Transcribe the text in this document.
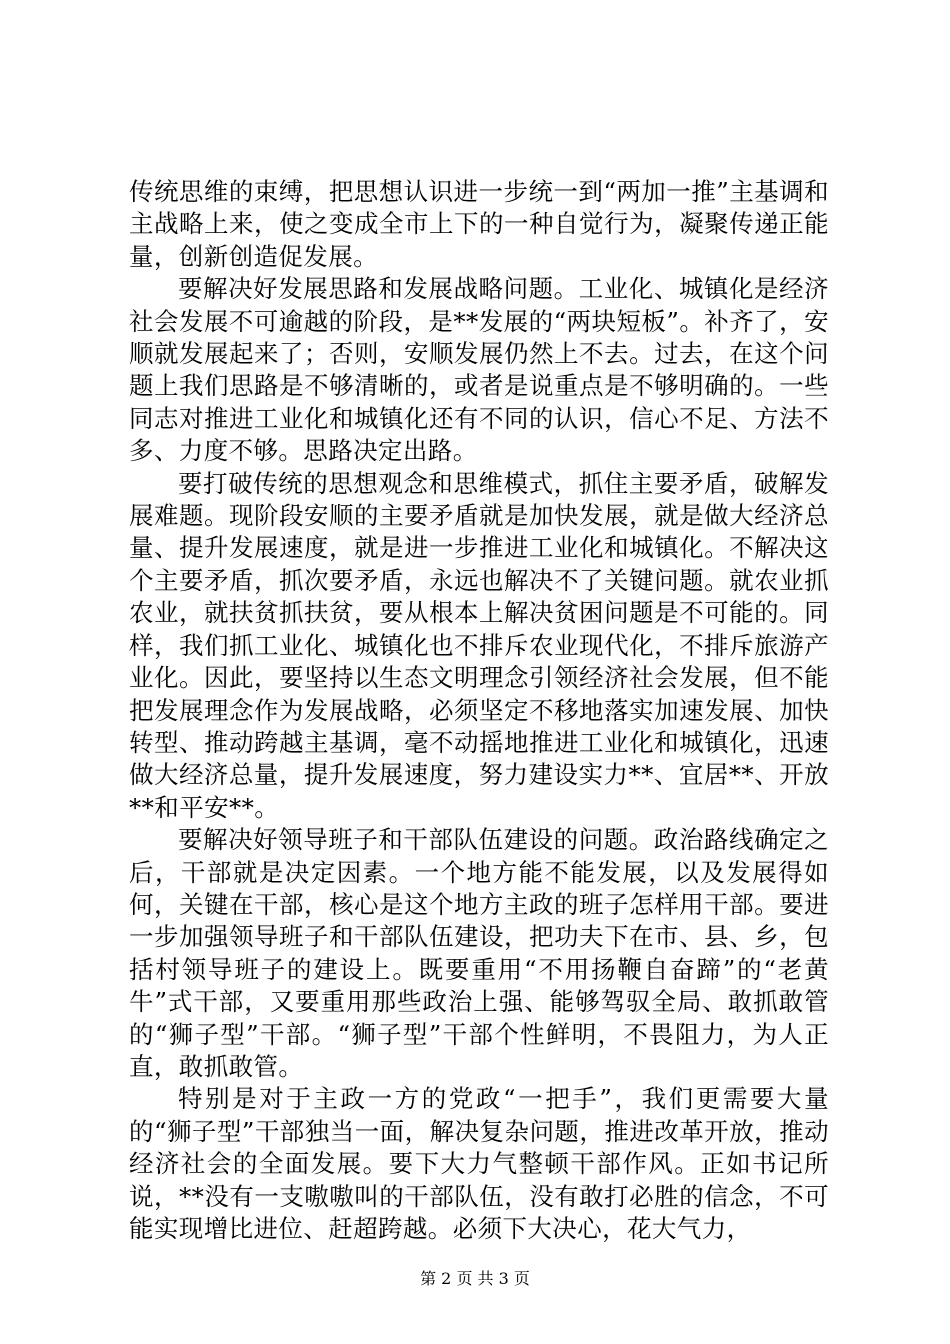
传统思维的束缚，把思想认识进一步统一到“两加一推”主基调和主战略上来，使之变成全市上下的一种自觉行为，凝聚传递正能量，创新创造促发展。

要解决好发展思路和发展战略问题。工业化、城镇化是经济社会发展不可逾越的阶段，是**发展的“两块短板”。补齐了，安顺就发展起来了；否则，安顺发展仍然上不去。过去，在这个问题上我们思路是不够清晰的，或者是说重点是不够明确的。一些同志对推进工业化和城镇化还有不同的认识，信心不足、方法不多、力度不够。思路决定出路。

要打破传统的思想观念和思维模式，抓住主要矛盾，破解发展难题。现阶段安顺的主要矛盾就是加快发展，就是做大经济总量、提升发展速度，就是进一步推进工业化和城镇化。不解决这个主要矛盾，抓次要矛盾，永远也解决不了关键问题。就农业抓农业，就扶贫抓扶贫，要从根本上解决贫困问题是不可能的。同样，我们抓工业化、城镇化也不排斥农业现代化，不排斥旅游产业化。因此，要坚持以生态文明理念引领经济社会发展，但不能把发展理念作为发展战略，必须坚定不移地落实加速发展、加快转型、推动跨越主基调，毫不动摇地推进工业化和城镇化，迅速做大经济总量，提升发展速度，努力建设实力**、宜居**、开放**和平安**。

要解决好领导班子和干部队伍建设的问题。政治路线确定之后，干部就是决定因素。一个地方能不能发展，以及发展得如何，关键在干部，核心是这个地方主政的班子怎样用干部。要进一步加强领导班子和干部队伍建设，把功夫下在市、县、乡，包括村领导班子的建设上。既要重用“不用扬鞭自奋蹄”的“老黄牛”式干部，又要重用那些政治上强、能够驾驭全局、敢抓敢管的“狮子型”干部。“狮子型”干部个性鲜明，不畏阻力，为人正直，敢抓敢管。

特别是对于主政一方的党政“一把手”，我们更需要大量的“狮子型”干部独当一面，解决复杂问题，推进改革开放，推动经济社会的全面发展。要下大力气整顿干部作风。正如书记所说，**没有一支嗷嗷叫的干部队伍，没有敢打必胜的信念，不可能实现增比进位、赶超跨越。必须下大决心，花大气力，

第 2 页 共 3 页
